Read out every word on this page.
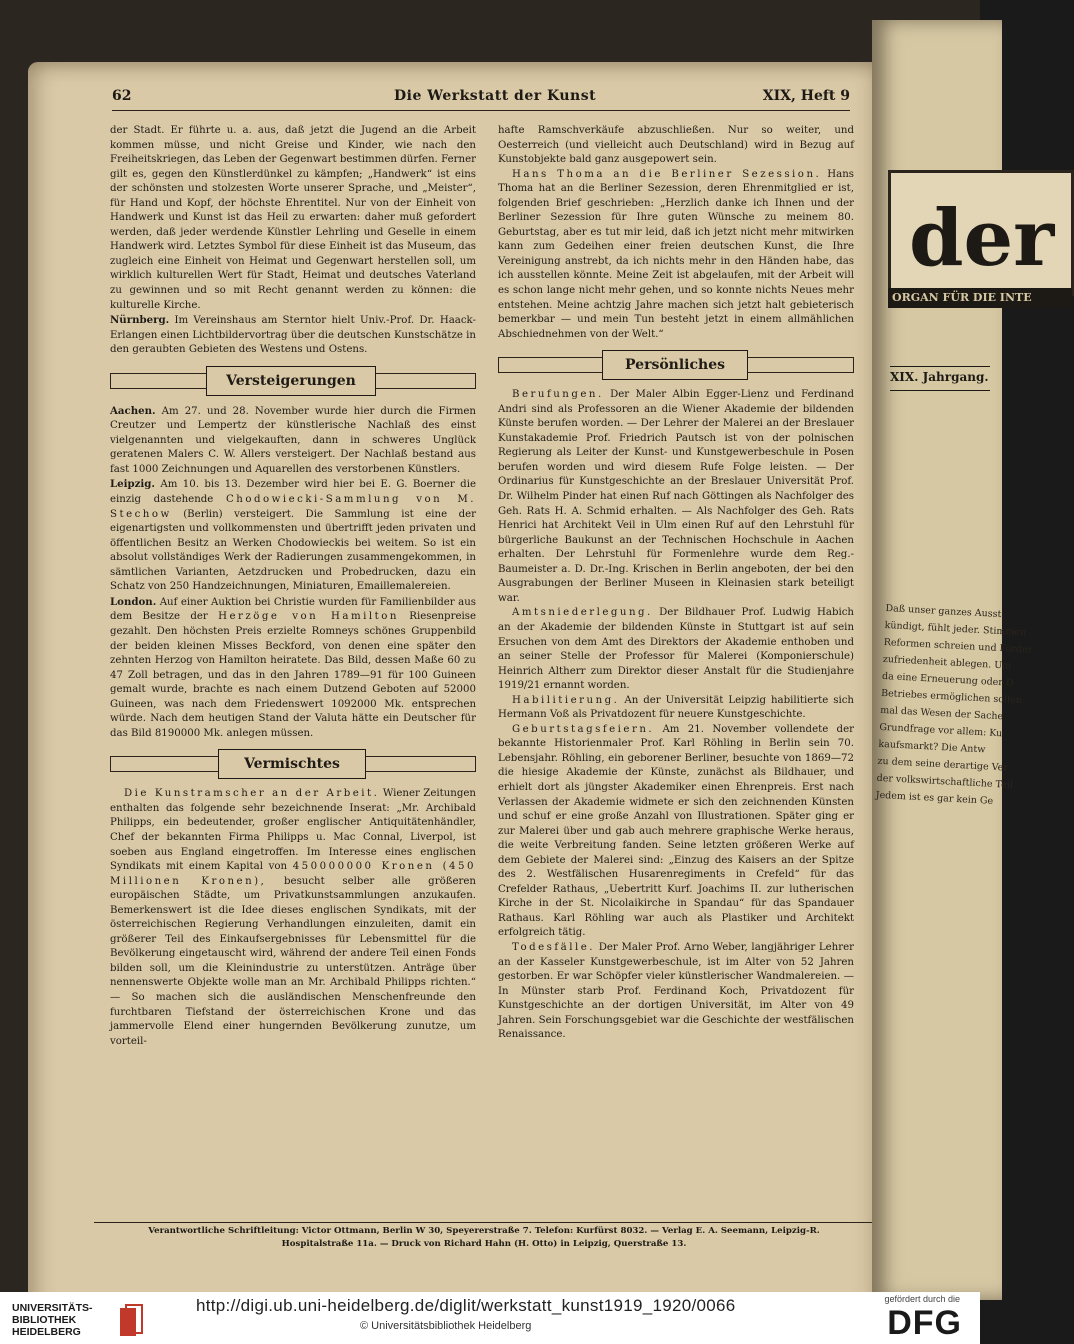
62	Die Werkstatt der Kunst	XIX, Heft 9

der Stadt. Er führte u. a. aus, daß jetzt die Jugend an die Arbeit kommen müsse, und nicht Greise und Kinder, wie nach den Freiheitskriegen, das Leben der Gegenwart bestimmen dürfen. Ferner gilt es, gegen den Künstlerdünkel zu kämpfen; „Handwerk“ ist eins der schönsten und stolzesten Worte unserer Sprache, und „Meister“, für Hand und Kopf, der höchste Ehrentitel. Nur von der Einheit von Handwerk und Kunst ist das Heil zu erwarten: daher muß gefordert werden, daß jeder werdende Künstler Lehrling und Geselle in einem Handwerk wird. Letztes Symbol für diese Einheit ist das Museum, das zugleich eine Einheit von Heimat und Gegenwart herstellen soll, um wirklich kulturellen Wert für Stadt, Heimat und deutsches Vaterland zu gewinnen und so mit Recht genannt werden zu können: die kulturelle Kirche.

Nürnberg. Im Vereinshaus am Sterntor hielt Univ.-Prof. Dr. Haack-Erlangen einen Lichtbildervortrag über die deutschen Kunstschätze in den geraubten Gebieten des Westens und Ostens.

Versteigerungen

Aachen. Am 27. und 28. November wurde hier durch die Firmen Creutzer und Lempertz der künstlerische Nachlaß des einst vielgenannten und vielgekauften, dann in schweres Unglück geratenen Malers C. W. Allers versteigert. Der Nachlaß bestand aus fast 1000 Zeichnungen und Aquarellen des verstorbenen Künstlers.

Leipzig. Am 10. bis 13. Dezember wird hier bei E. G. Boerner die einzig dastehende Chodowiecki-Sammlung von M. Stechow (Berlin) versteigert. Die Sammlung ist eine der eigenartigsten und vollkommensten und übertrifft jeden privaten und öffentlichen Besitz an Werken Chodowieckis bei weitem. So ist ein absolut vollständiges Werk der Radierungen zusammengekommen, in sämtlichen Varianten, Aetzdrucken und Probedrucken, dazu ein Schatz von 250 Handzeichnungen, Miniaturen, Emaillemalereien.

London. Auf einer Auktion bei Christie wurden für Familienbilder aus dem Besitze der Herzöge von Hamilton Riesenpreise gezahlt. Den höchsten Preis erzielte Romneys schönes Gruppenbild der beiden kleinen Misses Beckford, von denen eine später den zehnten Herzog von Hamilton heiratete. Das Bild, dessen Maße 60 zu 47 Zoll betragen, und das in den Jahren 1789—91 für 100 Guineen gemalt wurde, brachte es nach einem Dutzend Geboten auf 52000 Guineen, was nach dem Friedenswert 1092000 Mk. entsprechen würde. Nach dem heutigen Stand der Valuta hätte ein Deutscher für das Bild 8190000 Mk. anlegen müssen.

Vermischtes

Die Kunstramscher an der Arbeit. Wiener Zeitungen enthalten das folgende sehr bezeichnende Inserat: „Mr. Archibald Philipps, ein bedeutender, großer englischer Antiquitätenhändler, Chef der bekannten Firma Philipps u. Mac Connal, Liverpol, ist soeben aus England eingetroffen. Im Interesse eines englischen Syndikats mit einem Kapital von 450000000 Kronen (450 Millionen Kronen), besucht selber alle größeren europäischen Städte, um Privatkunstsammlungen anzukaufen. Bemerkenswert ist die Idee dieses englischen Syndikats, mit der österreichischen Regierung Verhandlungen einzuleiten, damit ein größerer Teil des Einkaufsergebnisses für Lebensmittel für die Bevölkerung eingetauscht wird, während der andere Teil einen Fonds bilden soll, um die Kleinindustrie zu unterstützen. Anträge über nennenswerte Objekte wolle man an Mr. Archibald Philipps richten.“ — So machen sich die ausländischen Menschenfreunde den furchtbaren Tiefstand der österreichischen Krone und das jammervolle Elend einer hungernden Bevölkerung zunutze, um vorteil-

hafte Ramschverkäufe abzuschließen. Nur so weiter, und Oesterreich (und vielleicht auch Deutschland) wird in Bezug auf Kunstobjekte bald ganz ausgepowert sein.

Hans Thoma an die Berliner Sezession. Hans Thoma hat an die Berliner Sezession, deren Ehrenmitglied er ist, folgenden Brief geschrieben: „Herzlich danke ich Ihnen und der Berliner Sezession für Ihre guten Wünsche zu meinem 80. Geburtstag, aber es tut mir leid, daß ich jetzt nicht mehr mitwirken kann zum Gedeihen einer freien deutschen Kunst, die Ihre Vereinigung anstrebt, da ich nichts mehr in den Händen habe, das ich ausstellen könnte. Meine Zeit ist abgelaufen, mit der Arbeit will es schon lange nicht mehr gehen, und so konnte nichts Neues mehr entstehen. Meine achtzig Jahre machen sich jetzt halt gebieterisch bemerkbar — und mein Tun besteht jetzt in einem allmählichen Abschiednehmen von der Welt.“

Persönliches

Berufungen. Der Maler Albin Egger-Lienz und Ferdinand Andri sind als Professoren an die Wiener Akademie der bildenden Künste berufen worden. — Der Lehrer der Malerei an der Breslauer Kunstakademie Prof. Friedrich Pautsch ist von der polnischen Regierung als Leiter der Kunst- und Kunstgewerbeschule in Posen berufen worden und wird diesem Rufe Folge leisten. — Der Ordinarius für Kunstgeschichte an der Breslauer Universität Prof. Dr. Wilhelm Pinder hat einen Ruf nach Göttingen als Nachfolger des Geh. Rats H. A. Schmid erhalten. — Als Nachfolger des Geh. Rats Henrici hat Architekt Veil in Ulm einen Ruf auf den Lehrstuhl für bürgerliche Baukunst an der Technischen Hochschule in Aachen erhalten. Der Lehrstuhl für Formenlehre wurde dem Reg.-Baumeister a. D. Dr.-Ing. Krischen in Berlin angeboten, der bei den Ausgrabungen der Berliner Museen in Kleinasien stark beteiligt war.

Amtsniederlegung. Der Bildhauer Prof. Ludwig Habich an der Akademie der bildenden Künste in Stuttgart ist auf sein Ersuchen von dem Amt des Direktors der Akademie enthoben und an seiner Stelle der Professor für Malerei (Komponierschule) Heinrich Altherr zum Direktor dieser Anstalt für die Studienjahre 1919/21 ernannt worden.

Habilitierung. An der Universität Leipzig habilitierte sich Hermann Voß als Privatdozent für neuere Kunstgeschichte.

Geburtstagsfeiern. Am 21. November vollendete der bekannte Historienmaler Prof. Karl Röhling in Berlin sein 70. Lebensjahr. Röhling, ein geborener Berliner, besuchte von 1869—72 die hiesige Akademie der Künste, zunächst als Bildhauer, und erhielt dort als jüngster Akademiker einen Ehrenpreis. Erst nach Verlassen der Akademie widmete er sich den zeichnenden Künsten und schuf er eine große Anzahl von Illustrationen. Später ging er zur Malerei über und gab auch mehrere graphische Werke heraus, die weite Verbreitung fanden. Seine letzten größeren Werke auf dem Gebiete der Malerei sind: „Einzug des Kaisers an der Spitze des 2. Westfälischen Husarenregiments in Crefeld“ für das Crefelder Rathaus, „Uebertritt Kurf. Joachims II. zur lutherischen Kirche in der St. Nicolaikirche in Spandau“ für das Spandauer Rathaus. Karl Röhling war auch als Plastiker und Architekt erfolgreich tätig.

Todesfälle. Der Maler Prof. Arno Weber, langjähriger Lehrer an der Kasseler Kunstgewerbeschule, ist im Alter von 52 Jahren gestorben. Er war Schöpfer vieler künstlerischer Wandmalereien. — In Münster starb Prof. Ferdinand Koch, Privatdozent für Kunstgeschichte an der dortigen Universität, im Alter von 49 Jahren. Sein Forschungsgebiet war die Geschichte der westfälischen Renaissance.

Verantwortliche Schriftleitung: Victor Ottmann, Berlin W 30, Speyererstraße 7. Telefon: Kurfürst 8032. — Verlag E. A. Seemann, Leipzig-R.
Hospitalstraße 11a. — Druck von Richard Hahn (H. Otto) in Leipzig, Querstraße 13.
der
ORGAN FÜR DIE INTE
XIX. Jahrgang.
Daß unser ganzes Ausst
kündigt, fühlt jeder. Stimmen
Reformen schreien und Forder
zufriedenheit ablegen. Um
da eine Erneuerung oder D
Betriebes ermöglichen sollen
mal das Wesen der Sache
Grundfrage vor allem: Ku
kaufsmarkt? Die Antw
zu dem seine derartige Ver
der volkswirtschaftliche Teil
Jedem ist es gar kein Ge
UNIVERSITÄTS-
BIBLIOTHEK
HEIDELBERG
http://digi.ub.uni-heidelberg.de/diglit/werkstatt_kunst1919_1920/0066
© Universitätsbibliothek Heidelberg
gefördert durch die
DFG
